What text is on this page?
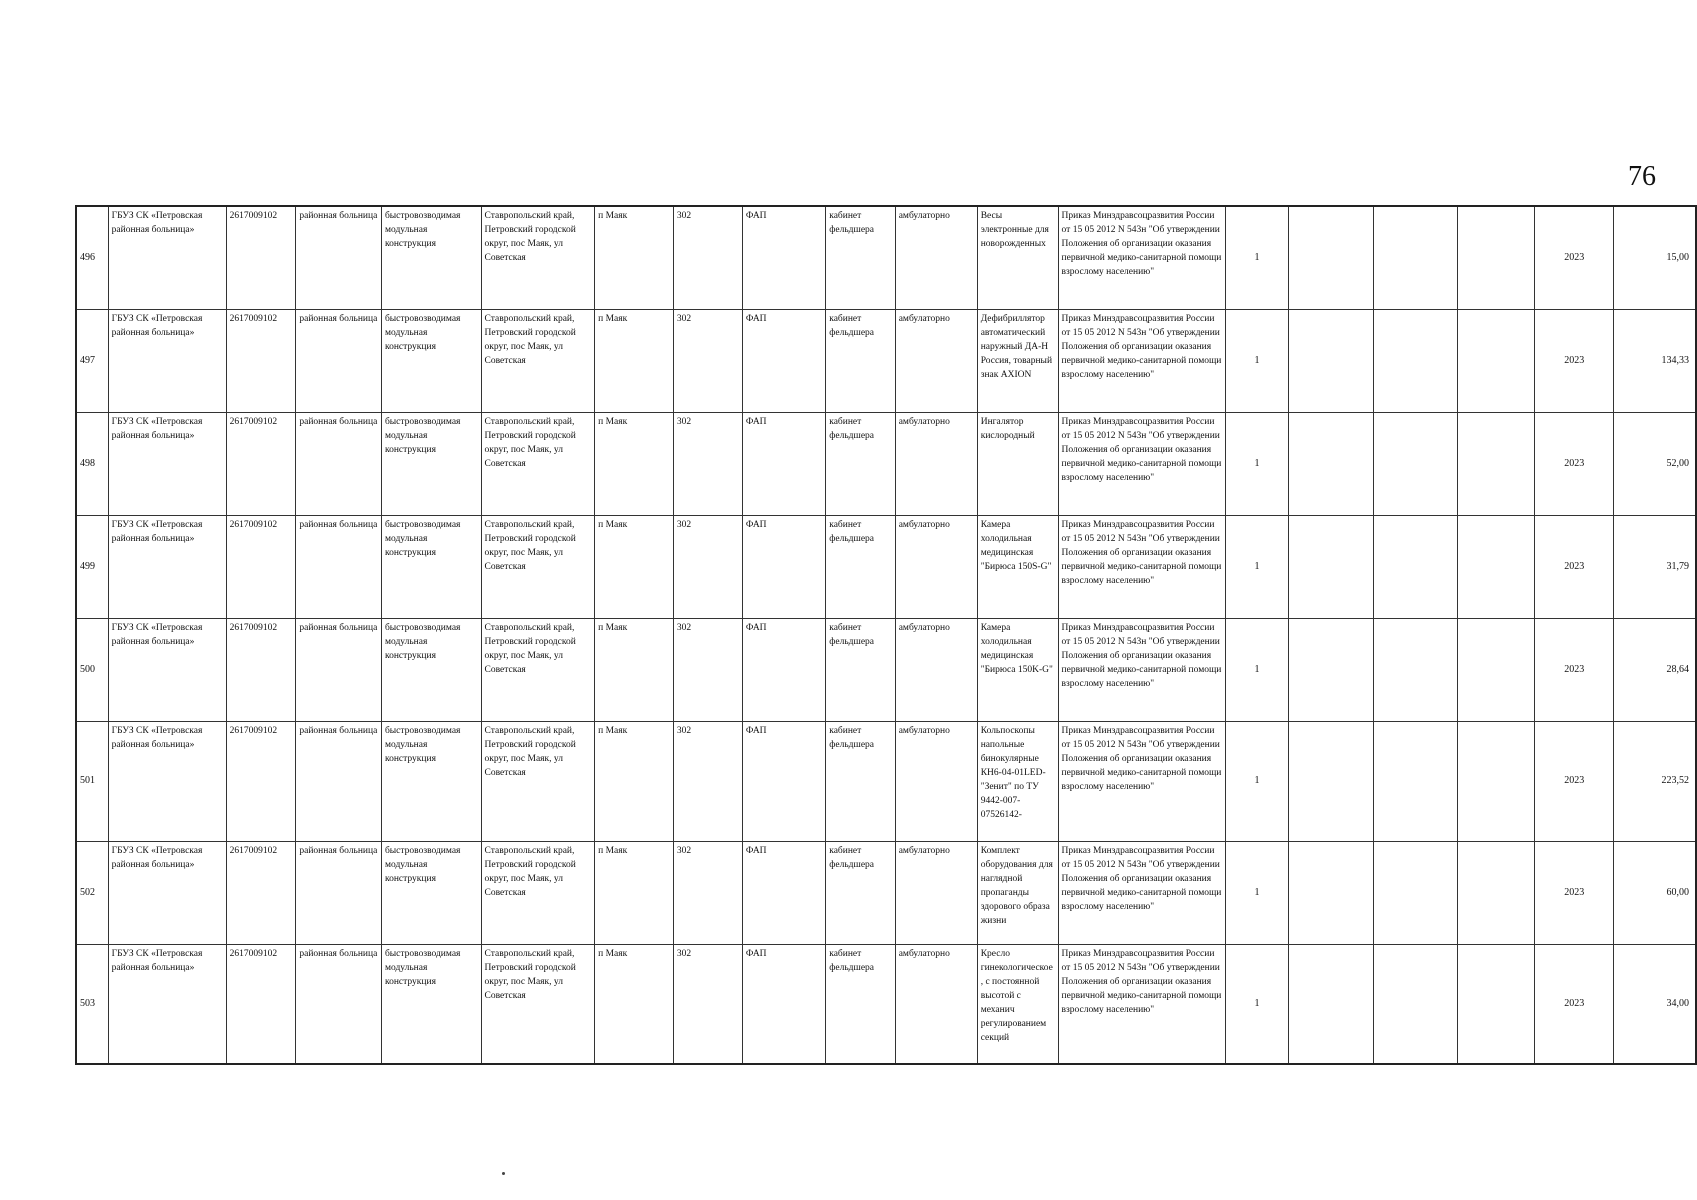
76
496	ГБУЗ СК «Петровская районная больница»	2617009102	районная больница	быстровозводимая модульная конструкция	Ставропольский край, Петровский городской округ, пос Маяк, ул Советская	п Маяк	302	ФАП	кабинет фельдшера	амбулаторно	Весы электронные для новорожденных	Приказ Минздравсоцразвития России от 15 05 2012 N 543н "Об утверждении Положения об организации оказания первичной медико-санитарной помощи взрослому населению"	1				2023	15,00
497	ГБУЗ СК «Петровская районная больница»	2617009102	районная больница	быстровозводимая модульная конструкция	Ставропольский край, Петровский городской округ, пос Маяк, ул Советская	п Маяк	302	ФАП	кабинет фельдшера	амбулаторно	Дефибриллятор автоматический наружный ДА-Н Россия, товарный знак AXION	Приказ Минздравсоцразвития России от 15 05 2012 N 543н "Об утверждении Положения об организации оказания первичной медико-санитарной помощи взрослому населению"	1				2023	134,33
498	ГБУЗ СК «Петровская районная больница»	2617009102	районная больница	быстровозводимая модульная конструкция	Ставропольский край, Петровский городской округ, пос Маяк, ул Советская	п Маяк	302	ФАП	кабинет фельдшера	амбулаторно	Ингалятор кислородный	Приказ Минздравсоцразвития России от 15 05 2012 N 543н "Об утверждении Положения об организации оказания первичной медико-санитарной помощи взрослому населению"	1				2023	52,00
499	ГБУЗ СК «Петровская районная больница»	2617009102	районная больница	быстровозводимая модульная конструкция	Ставропольский край, Петровский городской округ, пос Маяк, ул Советская	п Маяк	302	ФАП	кабинет фельдшера	амбулаторно	Камера холодильная медицинская "Бирюса 150S-G"	Приказ Минздравсоцразвития России от 15 05 2012 N 543н "Об утверждении Положения об организации оказания первичной медико-санитарной помощи взрослому населению"	1				2023	31,79
500	ГБУЗ СК «Петровская районная больница»	2617009102	районная больница	быстровозводимая модульная конструкция	Ставропольский край, Петровский городской округ, пос Маяк, ул Советская	п Маяк	302	ФАП	кабинет фельдшера	амбулаторно	Камера холодильная медицинская "Бирюса 150K-G"	Приказ Минздравсоцразвития России от 15 05 2012 N 543н "Об утверждении Положения об организации оказания первичной медико-санитарной помощи взрослому населению"	1				2023	28,64
501	ГБУЗ СК «Петровская районная больница»	2617009102	районная больница	быстровозводимая модульная конструкция	Ставропольский край, Петровский городской округ, пос Маяк, ул Советская	п Маяк	302	ФАП	кабинет фельдшера	амбулаторно	Кольпоскопы напольные бинокулярные КН6-04-01LED-"Зенит" по ТУ 9442-007-07526142-	Приказ Минздравсоцразвития России от 15 05 2012 N 543н "Об утверждении Положения об организации оказания первичной медико-санитарной помощи взрослому населению"	1				2023	223,52
502	ГБУЗ СК «Петровская районная больница»	2617009102	районная больница	быстровозводимая модульная конструкция	Ставропольский край, Петровский городской округ, пос Маяк, ул Советская	п Маяк	302	ФАП	кабинет фельдшера	амбулаторно	Комплект оборудования для наглядной пропаганды здорового образа жизни	Приказ Минздравсоцразвития России от 15 05 2012 N 543н "Об утверждении Положения об организации оказания первичной медико-санитарной помощи взрослому населению"	1				2023	60,00
503	ГБУЗ СК «Петровская районная больница»	2617009102	районная больница	быстровозводимая модульная конструкция	Ставропольский край, Петровский городской округ, пос Маяк, ул Советская	п Маяк	302	ФАП	кабинет фельдшера	амбулаторно	Кресло гинекологическое , с постоянной высотой с механич регулированием секций	Приказ Минздравсоцразвития России от 15 05 2012 N 543н "Об утверждении Положения об организации оказания первичной медико-санитарной помощи взрослому населению"	1				2023	34,00
